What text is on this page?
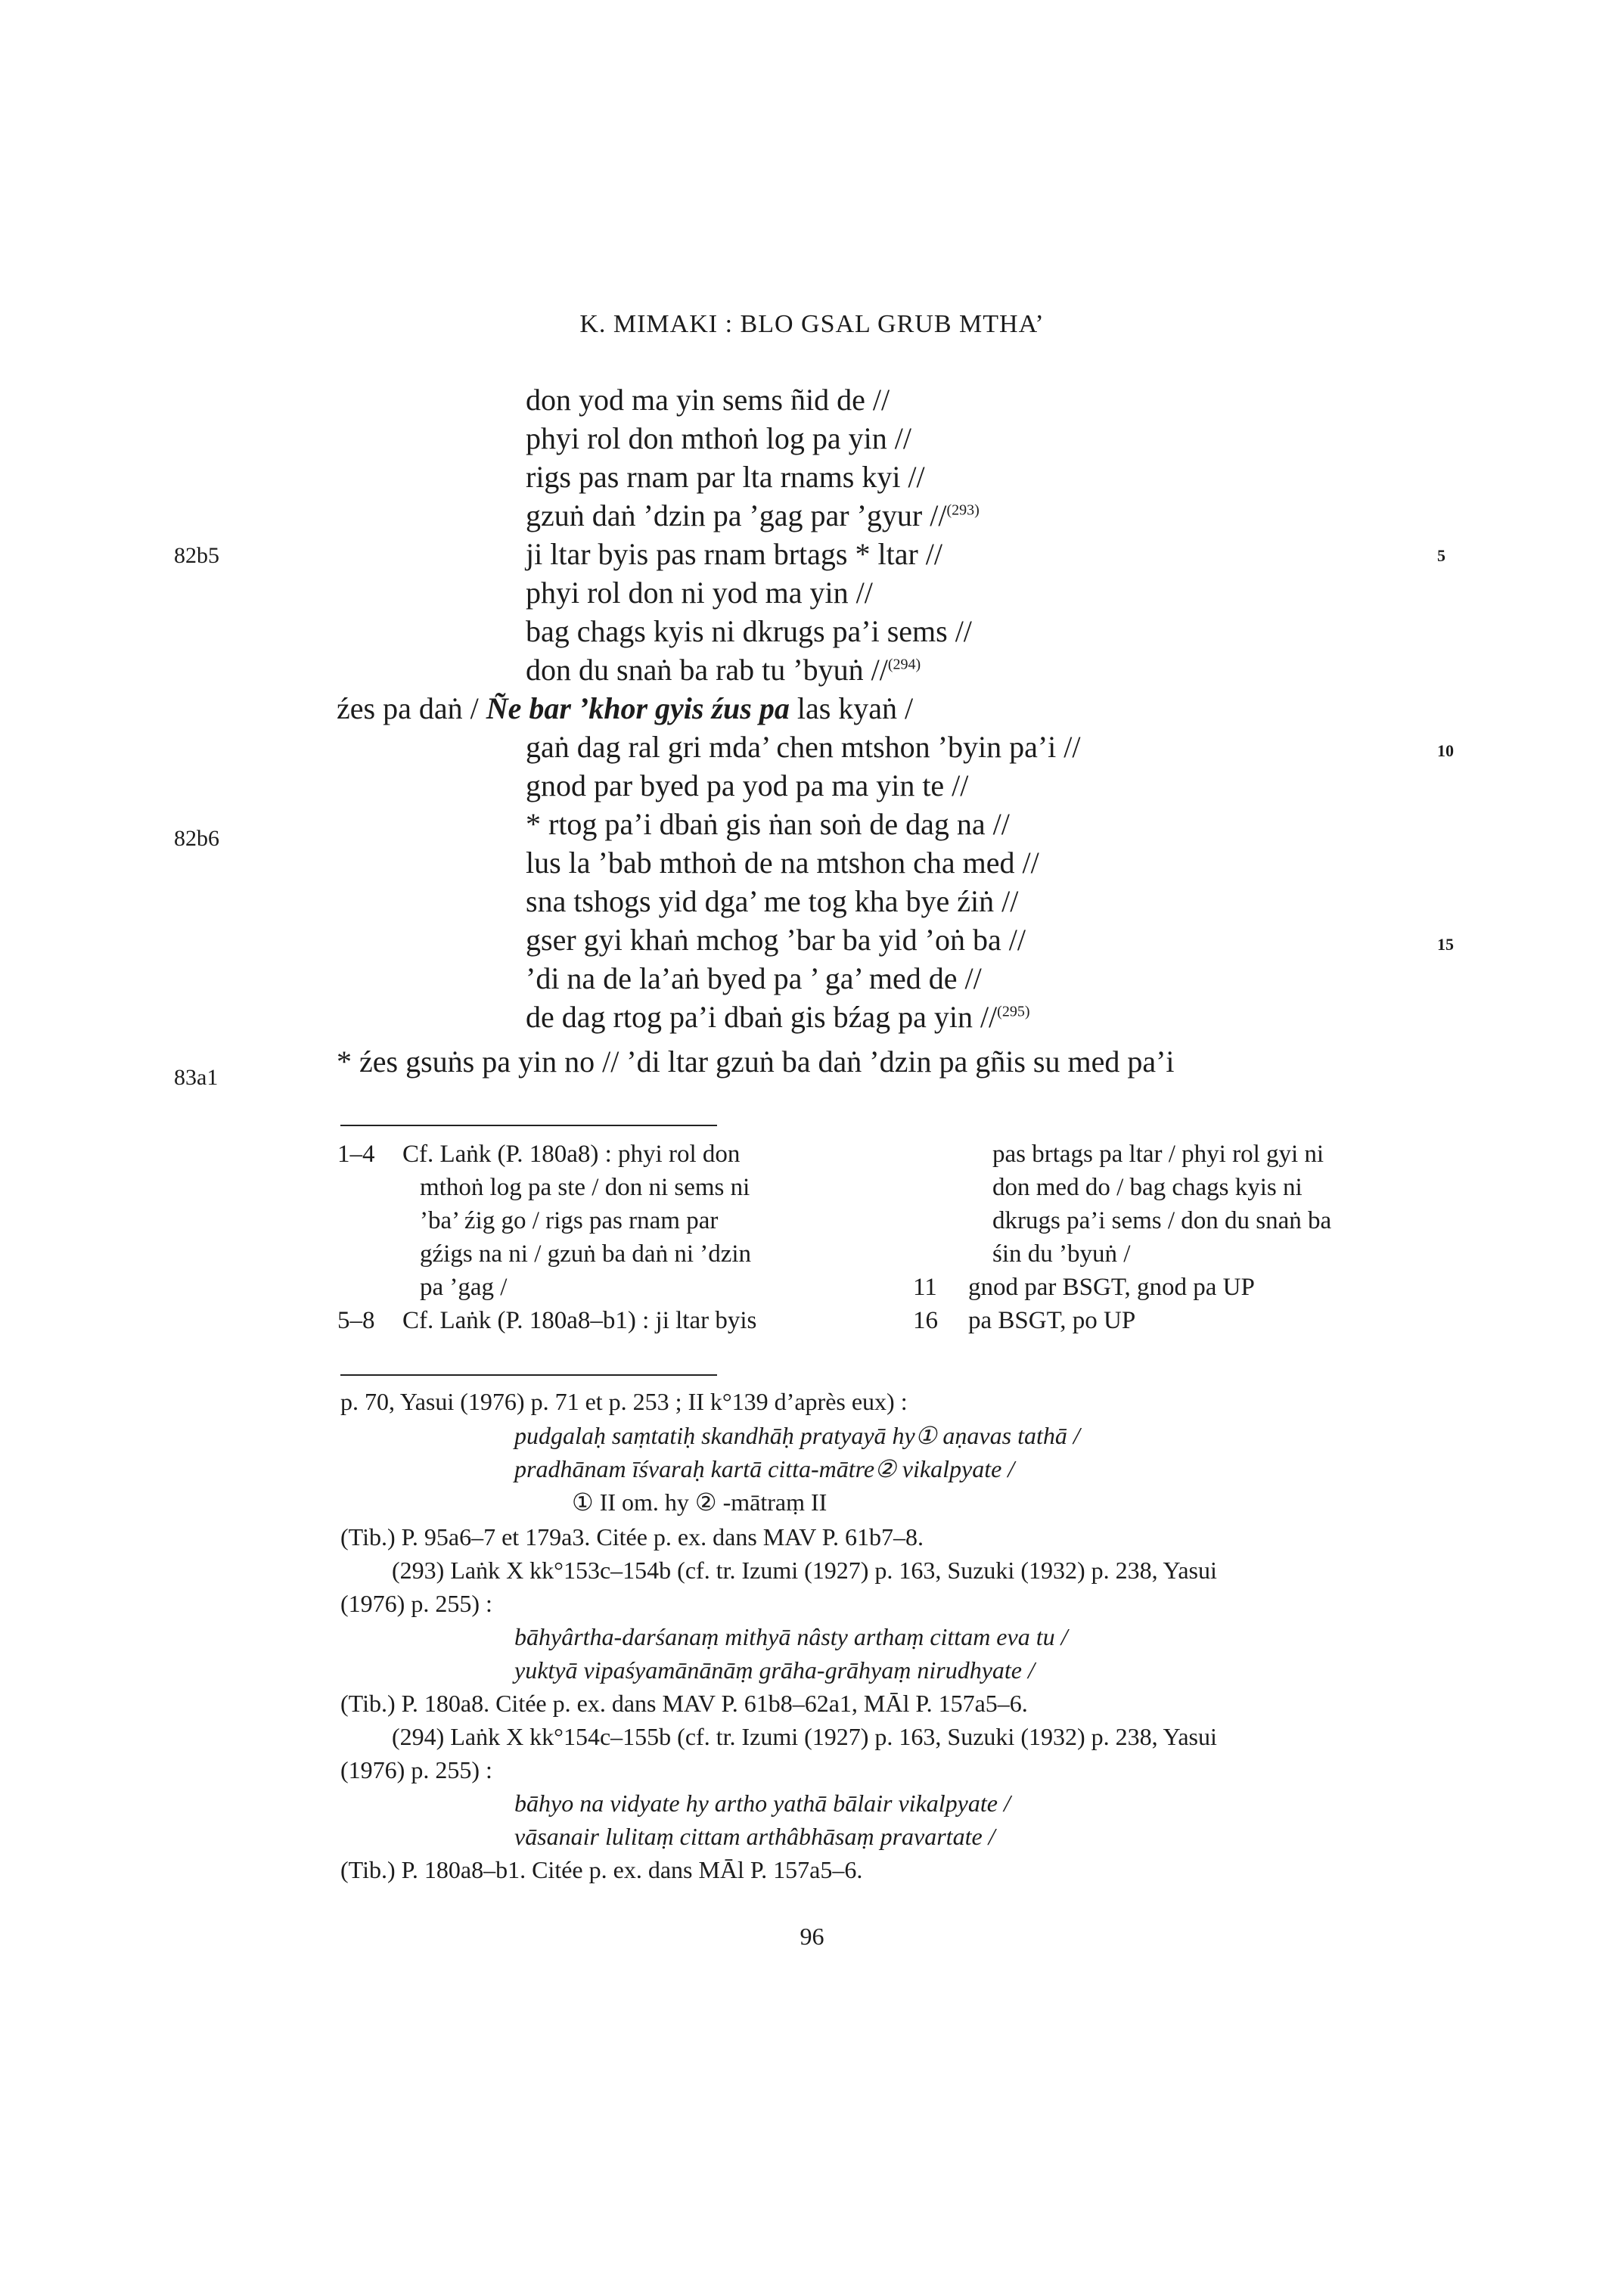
K. MIMAKI : BLO GSAL GRUB MTHA’
don yod ma yin sems ñid de //
phyi rol don mthoṅ log pa yin //
rigs pas rnam par lta rnams kyi //
gzuṅ daṅ ’dzin pa ’gag par ’gyur //$^{(293)}$
ji ltar byis pas rnam brtags * ltar //
phyi rol don ni yod ma yin //
bag chags kyis ni dkrugs pa’i sems //
don du snaṅ ba rab tu ’byuṅ //$^{(294)}$
źes pa daṅ / Ñe bar ’khor gyis źus pa las kyaṅ /
gaṅ dag ral gri mda’ chen mtshon ’byin pa’i //
gnod par byed pa yod pa ma yin te //
* rtog pa’i dbaṅ gis ṅan soṅ de dag na //
lus la ’bab mthoṅ de na mtshon cha med //
sna tshogs yid dga’ me tog kha bye źiṅ //
gser gyi khaṅ mchog ’bar ba yid ’oṅ ba //
’di na de la’aṅ byed pa ’ ga’ med de //
de dag rtog pa’i dbaṅ gis bźag pa yin //$^{(295)}$
* źes gsuṅs pa yin no // ’di ltar gzuṅ ba daṅ ’dzin pa gñis su med pa’i
82b5
82b6
83a1
5
10
15
1–4 Cf. Laṅk (P. 180a8) : phyi rol don
mthoṅ log pa ste / don ni sems ni
’ba’ źig go / rigs pas rnam par
gźigs na ni / gzuṅ ba daṅ ni ’dzin
pa ’gag /
5–8 Cf. Laṅk (P. 180a8–b1) : ji ltar byis
pas brtags pa ltar / phyi rol gyi ni
don med do / bag chags kyis ni
dkrugs pa’i sems / don du snaṅ ba
śin du ’byuṅ /
11 gnod par BSGT, gnod pa UP
16 pa BSGT, po UP
p. 70, Yasui (1976) p. 71 et p. 253 ; II k°139 d’après eux) :
pudgalaḥ saṃtatiḥ skandhāḥ pratyayā hy① aṇavas tathā /
pradhānam īśvaraḥ kartā citta-mātre② vikalpyate /
① II om. hy ② -mātraṃ II
(Tib.) P. 95a6–7 et 179a3. Citée p. ex. dans MAV P. 61b7–8.
(293) Laṅk X kk°153c–154b (cf. tr. Izumi (1927) p. 163, Suzuki (1932) p. 238, Yasui
(1976) p. 255) :
bāhyârtha-darśanaṃ mithyā nâsty arthaṃ cittam eva tu /
yuktyā vipaśyamānānāṃ grāha-grāhyaṃ nirudhyate /
(Tib.) P. 180a8. Citée p. ex. dans MAV P. 61b8–62a1, MĀl P. 157a5–6.
(294) Laṅk X kk°154c–155b (cf. tr. Izumi (1927) p. 163, Suzuki (1932) p. 238, Yasui
(1976) p. 255) :
bāhyo na vidyate hy artho yathā bālair vikalpyate /
vāsanair lulitaṃ cittam arthâbhāsaṃ pravartate /
(Tib.) P. 180a8–b1. Citée p. ex. dans MĀl P. 157a5–6.
96
